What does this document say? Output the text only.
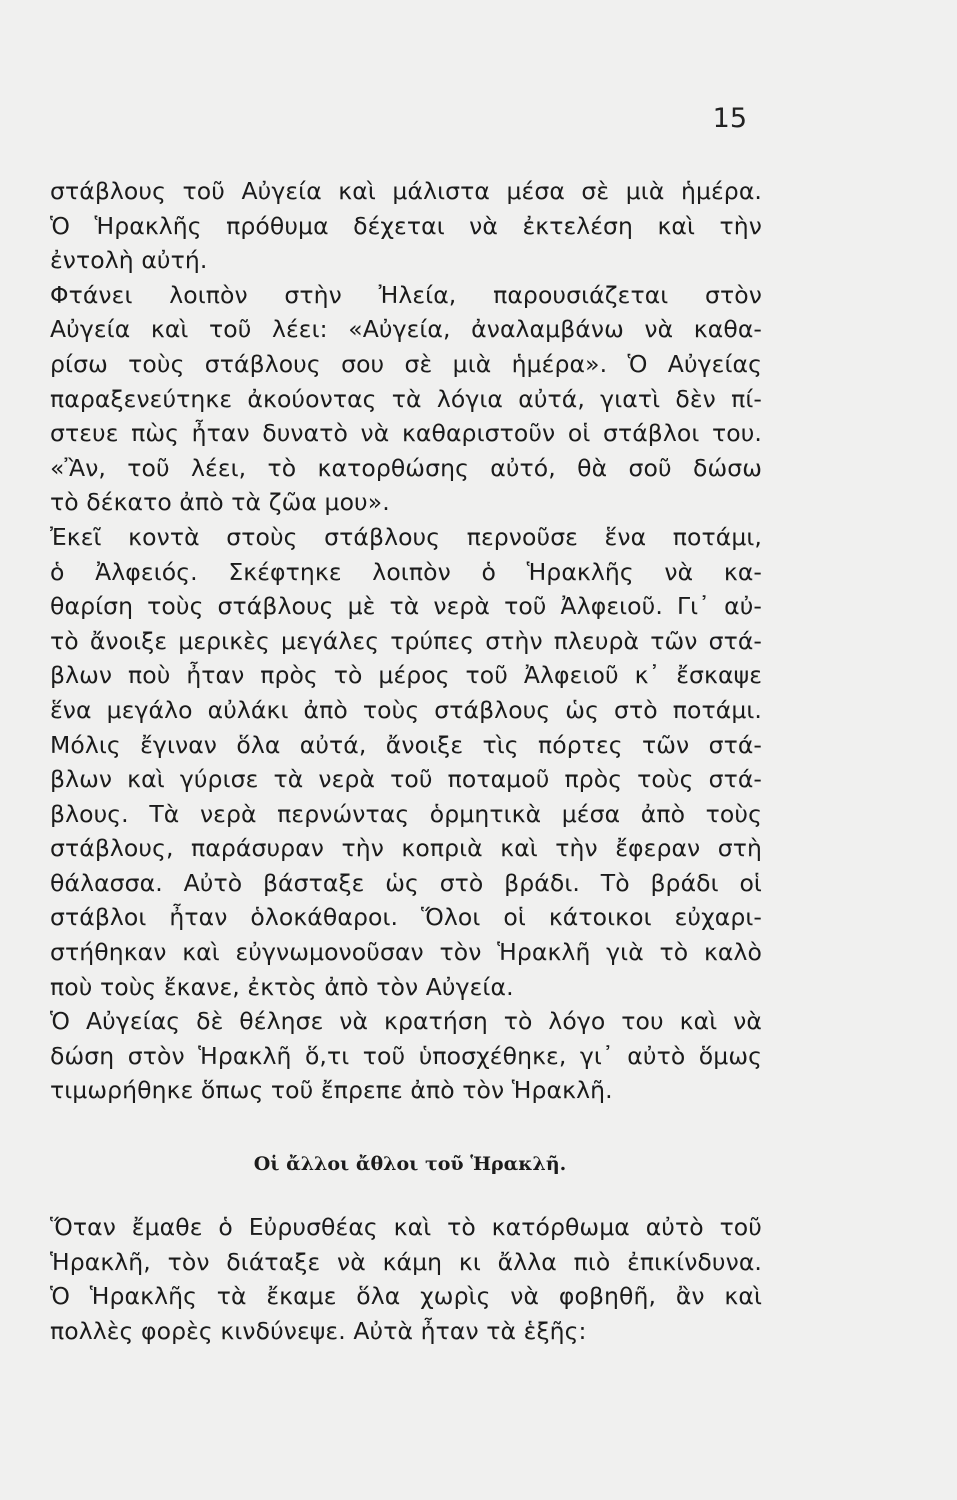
15
στάβλους τοῦ Αὐγεία καὶ μάλιστα μέσα σὲ μιὰ ἡμέρα.
Ὁ Ἡρακλῆς πρόθυμα δέχεται νὰ ἐκτελέση καὶ τὴν
ἐντολὴ αὐτή.
Φτάνει λοιπὸν στὴν Ἠλεία, παρουσιάζεται στὸν
Αὐγεία καὶ τοῦ λέει: «Αὐγεία, ἀναλαμβάνω νὰ καθα-
ρίσω τοὺς στάβλους σου σὲ μιὰ ἡμέρα». Ὁ Αὐγείας
παραξενεύτηκε ἀκούοντας τὰ λόγια αὐτά, γιατὶ δὲν πί-
στευε πὼς ἦταν δυνατὸ νὰ καθαριστοῦν οἱ στάβλοι του.
«Ἂν, τοῦ λέει, τὸ κατορθώσης αὐτό, θὰ σοῦ δώσω
τὸ δέκατο ἀπὸ τὰ ζῶα μου».
Ἐκεῖ κοντὰ στοὺς στάβλους περνοῦσε ἕνα ποτάμι,
ὁ Ἀλφειός. Σκέφτηκε λοιπὸν ὁ Ἡρακλῆς νὰ κα-
θαρίση τοὺς στάβλους μὲ τὰ νερὰ τοῦ Ἀλφειοῦ. Γι᾿ αὐ-
τὸ ἄνοιξε μερικὲς μεγάλες τρύπες στὴν πλευρὰ τῶν στά-
βλων ποὺ ἦταν πρὸς τὸ μέρος τοῦ Ἀλφειοῦ κ᾿ ἔσκαψε
ἕνα μεγάλο αὐλάκι ἀπὸ τοὺς στάβλους ὡς στὸ ποτάμι.
Μόλις ἔγιναν ὅλα αὐτά, ἄνοιξε τὶς πόρτες τῶν στά-
βλων καὶ γύρισε τὰ νερὰ τοῦ ποταμοῦ πρὸς τοὺς στά-
βλους. Τὰ νερὰ περνώντας ὁρμητικὰ μέσα ἀπὸ τοὺς
στάβλους, παράσυραν τὴν κοπριὰ καὶ τὴν ἔφεραν στὴ
θάλασσα. Αὐτὸ βάσταξε ὡς στὸ βράδι. Τὸ βράδι οἱ
στάβλοι ἦταν ὁλοκάθαροι. Ὅλοι οἱ κάτοικοι εὐχαρι-
στήθηκαν καὶ εὐγνωμονοῦσαν τὸν Ἡρακλῆ γιὰ τὸ καλὸ
ποὺ τοὺς ἔκανε, ἐκτὸς ἀπὸ τὸν Αὐγεία.
Ὁ Αὐγείας δὲ θέλησε νὰ κρατήση τὸ λόγο του καὶ νὰ
δώση στὸν Ἡρακλῆ ὅ,τι τοῦ ὑποσχέθηκε, γι᾿ αὐτὸ ὅμως
τιμωρήθηκε ὅπως τοῦ ἔπρεπε ἀπὸ τὸν Ἡρακλῆ.
Οἱ ἄλλοι ἄθλοι τοῦ Ἡρακλῆ.
Ὅταν ἔμαθε ὁ Εὐρυσθέας καὶ τὸ κατόρθωμα αὐτὸ τοῦ
Ἡρακλῆ, τὸν διάταξε νὰ κάμη κι ἄλλα πιὸ ἐπικίνδυνα.
Ὁ Ἡρακλῆς τὰ ἔκαμε ὅλα χωρὶς νὰ φοβηθῆ, ἂν καὶ
πολλὲς φορὲς κινδύνεψε. Αὐτὰ ἦταν τὰ ἑξῆς:
